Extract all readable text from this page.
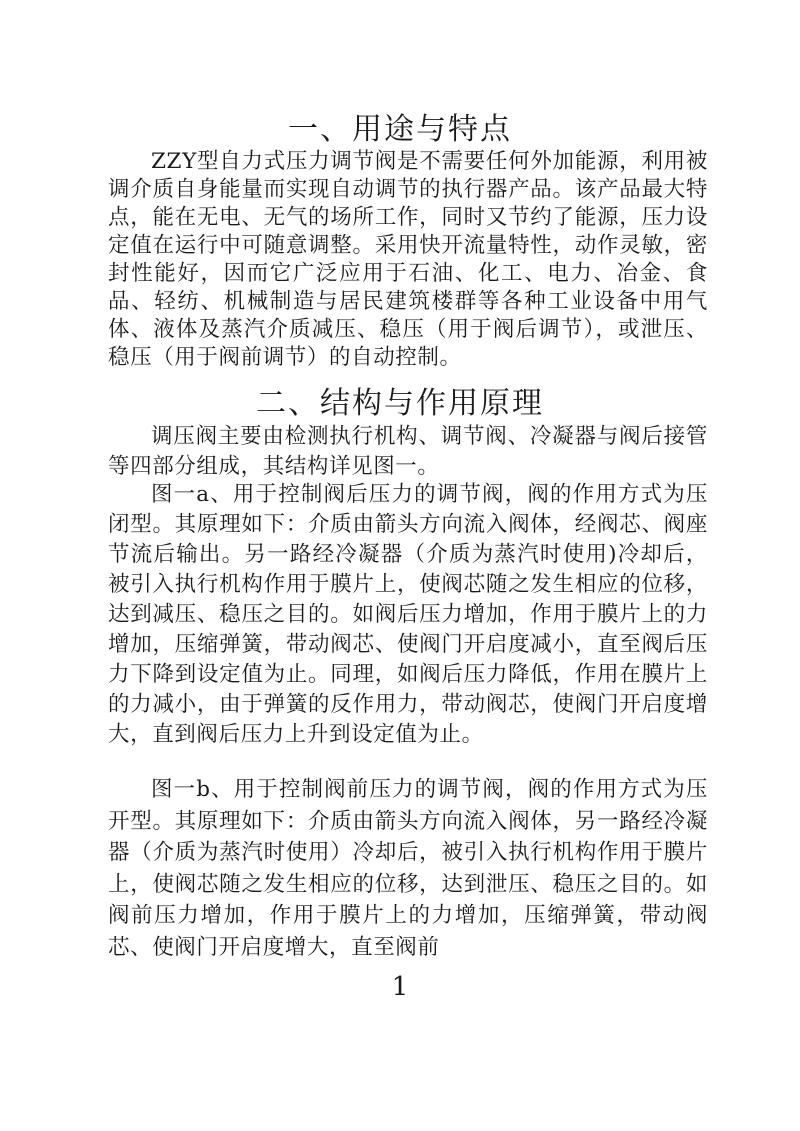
一、用途与特点

ZZY型自力式压力调节阀是不需要任何外加能源，利用被调介质自身能量而实现自动调节的执行器产品。该产品最大特点，能在无电、无气的场所工作，同时又节约了能源，压力设定值在运行中可随意调整。采用快开流量特性，动作灵敏，密封性能好，因而它广泛应用于石油、化工、电力、冶金、食品、轻纺、机械制造与居民建筑楼群等各种工业设备中用气体、液体及蒸汽介质减压、稳压（用于阀后调节），或泄压、稳压（用于阀前调节）的自动控制。

二、结构与作用原理

调压阀主要由检测执行机构、调节阀、冷凝器与阀后接管等四部分组成，其结构详见图一。

图一a、用于控制阀后压力的调节阀，阀的作用方式为压闭型。其原理如下：介质由箭头方向流入阀体，经阀芯、阀座节流后输出。另一路经冷凝器（介质为蒸汽时使用)冷却后，被引入执行机构作用于膜片上，使阀芯随之发生相应的位移，达到减压、稳压之目的。如阀后压力增加，作用于膜片上的力增加，压缩弹簧，带动阀芯、使阀门开启度减小，直至阀后压力下降到设定值为止。同理，如阀后压力降低，作用在膜片上的力减小，由于弹簧的反作用力，带动阀芯，使阀门开启度增大，直到阀后压力上升到设定值为止。

图一b、用于控制阀前压力的调节阀，阀的作用方式为压开型。其原理如下：介质由箭头方向流入阀体，另一路经冷凝器（介质为蒸汽时使用）冷却后，被引入执行机构作用于膜片上，使阀芯随之发生相应的位移，达到泄压、稳压之目的。如阀前压力增加，作用于膜片上的力增加，压缩弹簧，带动阀芯、使阀门开启度增大，直至阀前

1
